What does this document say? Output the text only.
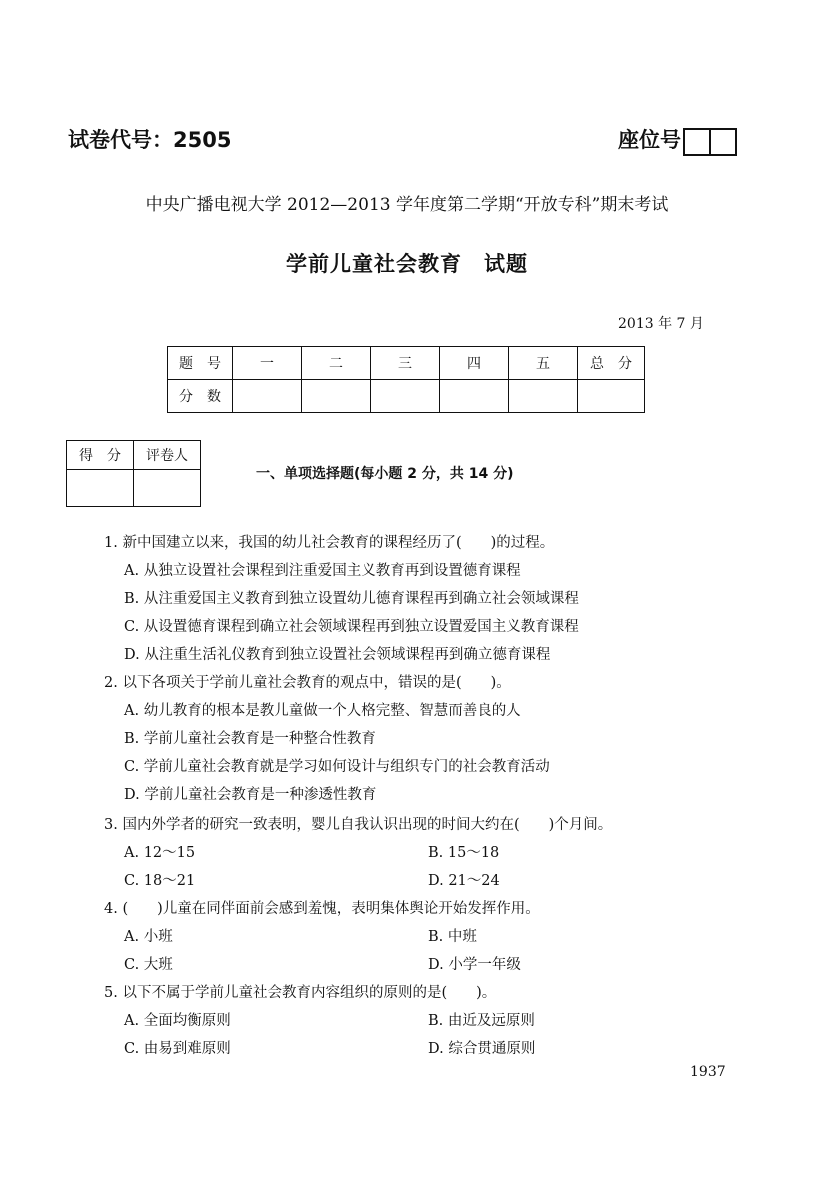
试卷代号：2505	座位号
中央广播电视大学 2012—2013 学年度第二学期“开放专科”期末考试
学前儿童社会教育　试题
2013 年 7 月
题　号	一	二	三	四	五	总　分
分　数						
得　分	评卷人

一、单项选择题(每小题 2 分，共 14 分)
1. 新中国建立以来，我国的幼儿社会教育的课程经历了(　　)的过程。
A. 从独立设置社会课程到注重爱国主义教育再到设置德育课程
B. 从注重爱国主义教育到独立设置幼儿德育课程再到确立社会领域课程
C. 从设置德育课程到确立社会领域课程再到独立设置爱国主义教育课程
D. 从注重生活礼仪教育到独立设置社会领域课程再到确立德育课程
2. 以下各项关于学前儿童社会教育的观点中，错误的是(　　)。
A. 幼儿教育的根本是教儿童做一个人格完整、智慧而善良的人
B. 学前儿童社会教育是一种整合性教育
C. 学前儿童社会教育就是学习如何设计与组织专门的社会教育活动
D. 学前儿童社会教育是一种渗透性教育
3. 国内外学者的研究一致表明，婴儿自我认识出现的时间大约在(　　)个月间。
A. 12～15	B. 15～18
C. 18～21	D. 21～24
4. (　　)儿童在同伴面前会感到羞愧，表明集体舆论开始发挥作用。
A. 小班	B. 中班
C. 大班	D. 小学一年级
5. 以下不属于学前儿童社会教育内容组织的原则的是(　　)。
A. 全面均衡原则	B. 由近及远原则
C. 由易到难原则	D. 综合贯通原则
1937
